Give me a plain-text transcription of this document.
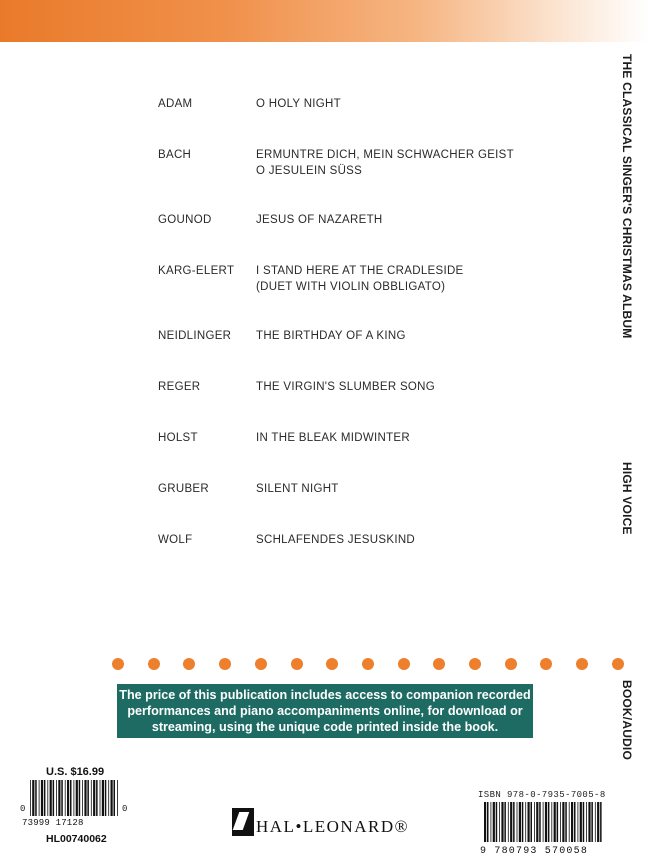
THE CLASSICAL SINGER'S CHRISTMAS ALBUM
HIGH VOICE
BOOK/AUDIO
ADAM	O HOLY NIGHT
BACH	ERMUNTRE DICH, MEIN SCHWACHER GEIST
O JESULEIN SÜSS
GOUNOD	JESUS OF NAZARETH
KARG-ELERT	I STAND HERE AT THE CRADLESIDE
(DUET WITH VIOLIN OBBLIGATO)
NEIDLINGER	THE BIRTHDAY OF A KING
REGER	THE VIRGIN'S SLUMBER SONG
HOLST	IN THE BLEAK MIDWINTER
GRUBER	SILENT NIGHT
WOLF	SCHLAFENDES JESUSKIND
The price of this publication includes access to companion recorded
performances and piano accompaniments online, for download or
streaming, using the unique code printed inside the book.
U.S. $16.99
0
73999 17128
0
HL00740062
HAL•LEONARD®
ISBN 978-0-7935-7005-8
9 780793 570058
